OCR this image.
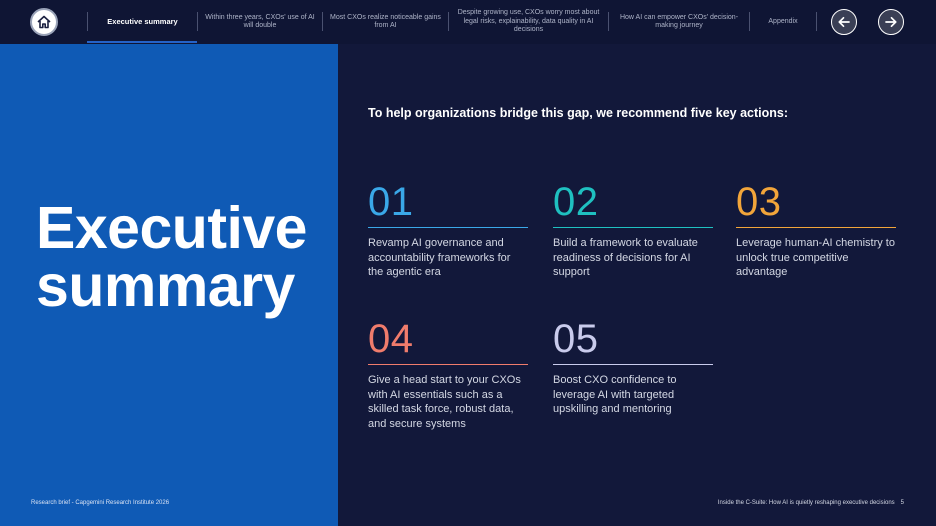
Executive summary	Within three years, CXOs' use of AI will double
Most CXOs realize noticeable gains from AI
Despite growing use, CXOs worry most about legal risks, explainability, data quality in AI decisions
How AI can empower CXOs' decision-making journey
Appendix
Executive summary
Research brief - Capgemini Research Institute 2026
To help organizations bridge this gap, we recommend five key actions:
01
Revamp AI governance and accountability frameworks for the agentic era
02
Build a framework to evaluate readiness of decisions for AI support
03
Leverage human-AI chemistry to unlock true competitive advantage
04
Give a head start to your CXOs with AI essentials such as a skilled task force, robust data, and secure systems
05
Boost CXO confidence to leverage AI with targeted upskilling and mentoring
Inside the C-Suite: How AI is quietly reshaping executive decisions 5
